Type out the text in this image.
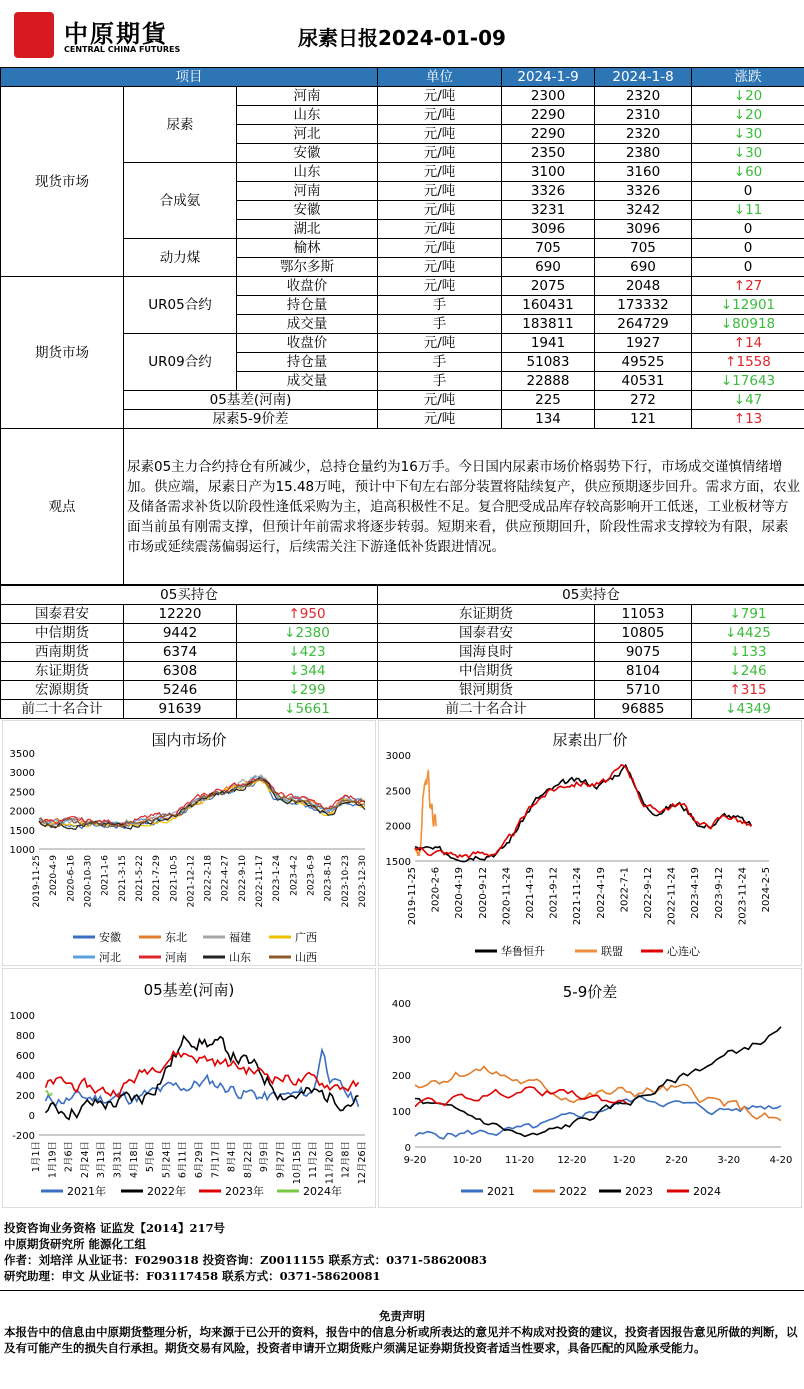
中原期貨
CENTRAL CHINA FUTURES	尿素日报2024-01-09
项目			单位	2024-1-9	2024-1-8	涨跌
现货市场	尿素	河南	元/吨	2300	2320	↓20
		山东	元/吨	2290	2310	↓20
		河北	元/吨	2290	2320	↓30
		安徽	元/吨	2350	2380	↓30
	合成氨	山东	元/吨	3100	3160	↓60
		河南	元/吨	3326	3326	0
		安徽	元/吨	3231	3242	↓11
		湖北	元/吨	3096	3096	0
	动力煤	榆林	元/吨	705	705	0
		鄂尔多斯	元/吨	690	690	0
期货市场	UR05合约	收盘价	元/吨	2075	2048	↑27
		持仓量	手	160431	173332	↓12901
		成交量	手	183811	264729	↓80918
	UR09合约	收盘价	元/吨	1941	1927	↑14
		持仓量	手	51083	49525	↑1558
		成交量	手	22888	40531	↓17643
	05基差(河南)		元/吨	225	272	↓47
	尿素5-9价差		元/吨	134	121	↑13
观点	尿素05主力合约持仓有所减少，总持仓量约为16万手。今日国内尿素市场价格弱势下行，市场成交谨慎情绪增加。供应端，尿素日产为15.48万吨，预计中下旬左右部分装置将陆续复产，供应预期逐步回升。需求方面，农业及储备需求补货以阶段性逢低采购为主，追高积极性不足。复合肥受成品库存较高影响开工低迷，工业板材等方面当前虽有刚需支撑，但预计年前需求将逐步转弱。短期来看，供应预期回升，阶段性需求支撑较为有限，尿素市场或延续震荡偏弱运行，后续需关注下游逢低补货跟进情况。					
05买持仓			05卖持仓		
国泰君安	12220	↑950	东证期货	11053	↓791
中信期货	9442	↓2380	国泰君安	10805	↓4425
西南期货	6374	↓423	国海良时	9075	↓133
东证期货	6308	↓344	中信期货	8104	↓246
宏源期货	5246	↓299	银河期货	5710	↑315
前二十名合计	91639	↓5661	前二十名合计	96885	↓4349
国内市场价
3500
3000
2500
2000
1500
1000
2019-11-25 2020-4-9 2020-6-16 2020-10-30 2021-1-6 2021-3-15 2021-5-22 2021-7-29 2021-10-5 2021-12-12 2022-2-18 2022-4-27 2022-9-10 2022-11-17 2023-1-24 2023-4-2 2023-6-9 2023-8-16 2023-10-23 2023-12-30
安徽	东北	福建	广西
河北	河南	山东	山西
尿素出厂价
3000
2500
2000
1500
2019-11-25 2020-2-6 2020-4-19 2020-9-12 2020-11-24 2021-4-19 2021-9-12 2021-11-24 2022-4-19 2022-7-1 2022-9-12 2022-11-24 2023-4-19 2023-9-12 2023-11-24 2024-2-5
华鲁恒升	联盟	心连心
05基差(河南)
1000
800
600
400
200
0
-200
1月1日 1月19日 2月6日 2月24日 3月13日 3月31日 4月18日 5月6日 5月24日 6月11日 6月29日 7月17日 8月4日 8月22日 9月9日 9月27日 10月15日 11月2日 11月20日 12月8日 12月26日
2021年	2022年	2023年	2024年
5-9价差
400
300
200
100
0
9-20	10-20 11-20 12-20	1-20	2-20	3-20	4-20
2021	2022	2023	2024
投资咨询业务资格 证监发【2014】217号
中原期货研究所 能源化工组
作者：刘培洋 从业证书：F0290318 投资咨询：Z0011155 联系方式：0371-58620083
研究助理：申文 从业证书：F03117458 联系方式：0371-58620081
免责声明
本报告中的信息由中原期货整理分析，均来源于已公开的资料，报告中的信息分析或所表达的意见并不构成对投资的建议，投资者因报告意见所做的判断，以及有可能产生的损失自行承担。期货交易有风险，投资者申请开立期货账户须满足证券期货投资者适当性要求，具备匹配的风险承受能力。
